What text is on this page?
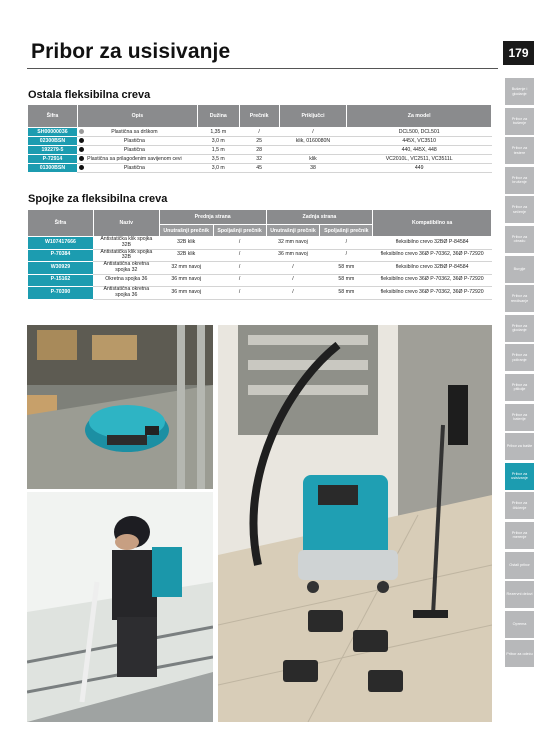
Pribor za usisivanje	179
Ostala fleksibilna creva
Šifra	Opis	Dužina	Prečnik	Priključci	Za model
SH00000036	Plastična sa drškom	1,35 m	/	/	DCL500, DCL501
02300BSN	Plastična	3,0 m	25	klik, 0160080N	445X, VC3510
192279-5	Plastična	1,5 m	28		440, 445X, 448
P-72914	Plastična sa prilagođenim savijenom cevi	3,5 m	32	klik	VC2010L, VC2511, VC3511L
01300BSN	Plastična	3,0 m	45	38	449
Spojke za fleksibilna creva
Šifra	Naziv	Prednja strana		Zadnja strana		Kompatibilno sa
		Unutrašnji prečnik	Spoljašnji prečnik	Unutrašnji prečnik	Spoljašnji prečnik	
W107417666	Antistatička klik spojka 32B	32B klik	/	32 mm navoj	/	fleksibilno crevo 32BØ P-84584
P-70384	Antistatička klik spojka 32B	32B klik	/	36 mm navoj	/	fleksibilno crevo 36Ø P-70362, 36Ø P-72920
W30929	Antistatična okretna spojka 32	32 mm navoj	/	/	58 mm	fleksibilno crevo 32BØ P-84584
P-15162	Okretna spojka 36	36 mm navoj	/	/	58 mm	fleksibilno crevo 36Ø P-70362, 36Ø P-72920
P-70390	Antistatična okretna spojka 36	36 mm navoj	/	/	58 mm	fleksibilno crevo 36Ø P-70362, 36Ø P-72920
Bušenje i glodanje
Pribor za bušenje
Pribor za testere
Pribor za brušenje
Pribor za sečenje
Pribor za obradu
Burgije
Pribor za rendisanje
Pribor za glodanje
Pribor za poliranje
Pribor za pištolje
Pribor za baterije
Pribor za bašte
Pribor za usisivanje
Pribor za čišćenje
Pribor za merenje
Ostali pribor
Rezervni delovi
Oprema
Pribor za odeću
